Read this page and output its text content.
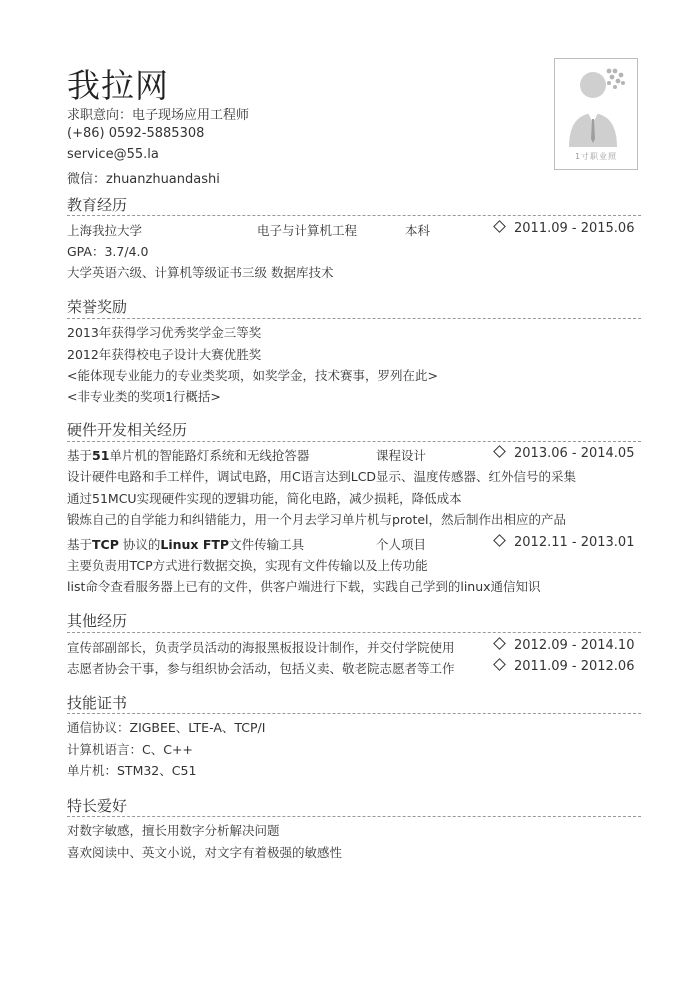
我拉网
求职意向：电子现场应用工程师
(+86) 0592-5885308
service@55.la
微信：zhuanzhuandashi
1寸职业照
教育经历
上海我拉大学	电子与计算机工程	本科	2011.09 - 2015.06
GPA：3.7/4.0
大学英语六级、计算机等级证书三级 数据库技术
荣誉奖励
2013年获得学习优秀奖学金三等奖
2012年获得校电子设计大赛优胜奖
<能体现专业能力的专业类奖项，如奖学金，技术赛事，罗列在此>
<非专业类的奖项1行概括>
硬件开发相关经历
基于51单片机的智能路灯系统和无线抢答器	课程设计	2013.06 - 2014.05
设计硬件电路和手工样件，调试电路，用C语言达到LCD显示、温度传感器、红外信号的采集
通过51MCU实现硬件实现的逻辑功能，简化电路，减少损耗，降低成本
锻炼自己的自学能力和纠错能力，用一个月去学习单片机与protel，然后制作出相应的产品
基于TCP 协议的Linux FTP文件传输工具	个人项目	2012.11 - 2013.01
主要负责用TCP方式进行数据交换，实现有文件传输以及上传功能
list命令查看服务器上已有的文件，供客户端进行下载，实践自己学到的linux通信知识
其他经历
宣传部副部长，负责学员活动的海报黑板报设计制作，并交付学院使用	2012.09 - 2014.10
志愿者协会干事，参与组织协会活动，包括义卖、敬老院志愿者等工作	2011.09 - 2012.06
技能证书
通信协议：ZIGBEE、LTE-A、TCP/I
计算机语言：C、C++
单片机：STM32、C51
特长爱好
对数字敏感，擅长用数字分析解决问题
喜欢阅读中、英文小说，对文字有着极强的敏感性
